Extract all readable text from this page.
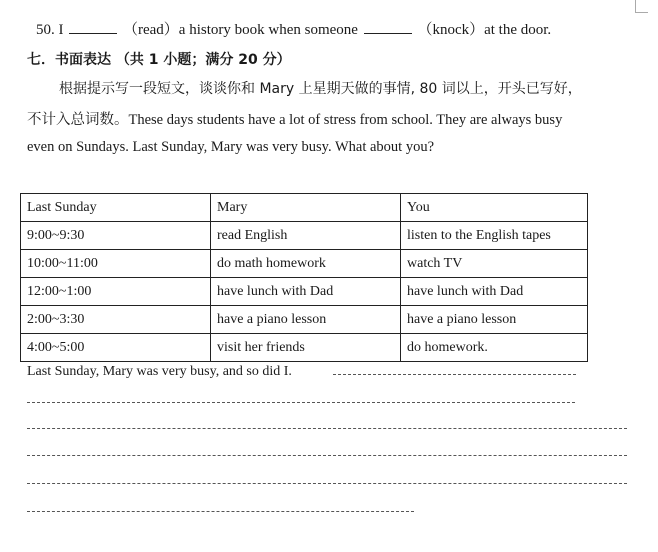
50. I	（read）a history book when someone	（knock）at the door.
七．书面表达 （共 1 小题；满分 20 分）
根据提示写一段短文，谈谈你和 Mary 上星期天做的事情, 80 词以上，开头已写好，
不计入总词数。These days students have a lot of stress from school. They are always busy
even on Sundays. Last Sunday, Mary was very busy. What about you?
Last Sunday	Mary	You
9:00~9:30	read English	listen to the English tapes
10:00~11:00	do math homework	watch TV
12:00~1:00	have lunch with Dad	have lunch with Dad
2:00~3:30	have a piano lesson	have a piano lesson
4:00~5:00	visit her friends	do homework.
Last Sunday, Mary was very busy, and so did I.
